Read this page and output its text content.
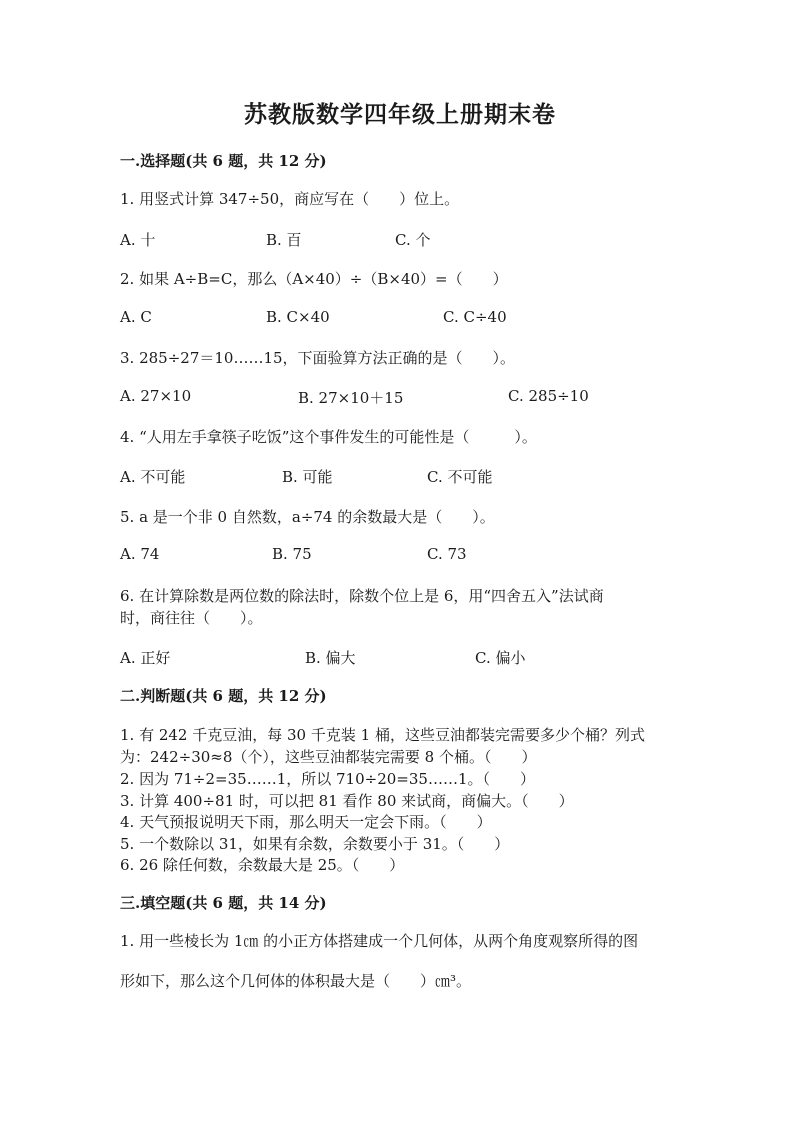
苏教版数学四年级上册期末卷
一.选择题(共 6 题，共 12 分)
1. 用竖式计算 347÷50，商应写在（　　）位上。
A. 十	B. 百	C. 个
2. 如果 A÷B=C，那么（A×40）÷（B×40）=（　　）
A. C	B. C×40	C. C÷40
3. 285÷27＝10……15，下面验算方法正确的是（　　）。
A. 27×10	B. 27×10＋15	C. 285÷10
4. “人用左手拿筷子吃饭”这个事件发生的可能性是（　　　）。
A. 不可能	B. 可能	C. 不可能
5. a 是一个非 0 自然数，a÷74 的余数最大是（　　）。
A. 74	B. 75	C. 73
6. 在计算除数是两位数的除法时，除数个位上是 6，用“四舍五入”法试商
时，商往往（　　）。
A. 正好	B. 偏大	C. 偏小
二.判断题(共 6 题，共 12 分)
1. 有 242 千克豆油，每 30 千克装 1 桶，这些豆油都装完需要多少个桶？列式
为：242÷30≈8（个），这些豆油都装完需要 8 个桶。（　　）
2. 因为 71÷2=35……1，所以 710÷20=35……1。（　　）
3. 计算 400÷81 时，可以把 81 看作 80 来试商，商偏大。（　　）
4. 天气预报说明天下雨，那么明天一定会下雨。（　　）
5. 一个数除以 31，如果有余数，余数要小于 31。（　　）
6. 26 除任何数，余数最大是 25。（　　）
三.填空题(共 6 题，共 14 分)
1. 用一些棱长为 1㎝ 的小正方体搭建成一个几何体，从两个角度观察所得的图
形如下，那么这个几何体的体积最大是（　　）㎝³。
